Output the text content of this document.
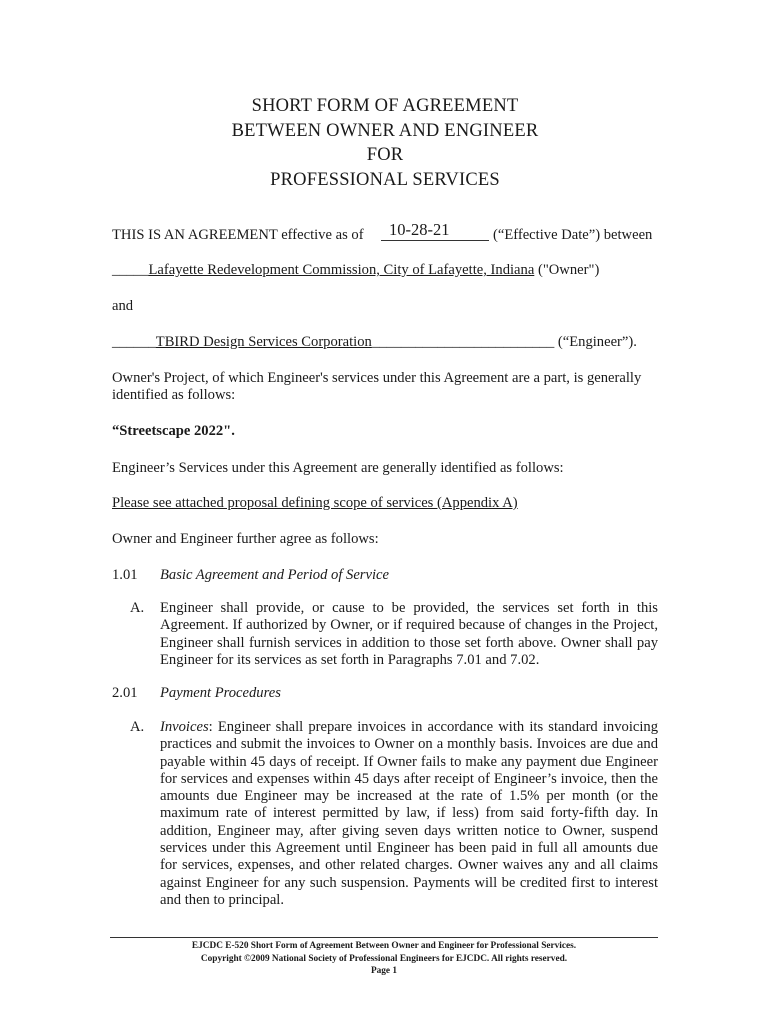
SHORT FORM OF AGREEMENT
BETWEEN OWNER AND ENGINEER
FOR
PROFESSIONAL SERVICES
THIS IS AN AGREEMENT effective as of	10-28-21	(“Effective Date”) between
_____Lafayette Redevelopment Commission, City of Lafayette, Indiana ("Owner")
and
______TBIRD Design Services Corporation_________________________ (“Engineer”).
Owner's Project, of which Engineer's services under this Agreement are a part, is generally
identified as follows:
“Streetscape 2022".
Engineer’s Services under this Agreement are generally identified as follows:
Please see attached proposal defining scope of services (Appendix A)
Owner and Engineer further agree as follows:
1.01 Basic Agreement and Period of Service
A. Engineer shall provide, or cause to be provided, the services set forth in this Agreement. If authorized by Owner, or if required because of changes in the Project, Engineer shall furnish services in addition to those set forth above. Owner shall pay Engineer for its services as set forth in Paragraphs 7.01 and 7.02.
2.01 Payment Procedures
A. Invoices: Engineer shall prepare invoices in accordance with its standard invoicing practices and submit the invoices to Owner on a monthly basis. Invoices are due and payable within 45 days of receipt. If Owner fails to make any payment due Engineer for services and expenses within 45 days after receipt of Engineer’s invoice, then the amounts due Engineer may be increased at the rate of 1.5% per month (or the maximum rate of interest permitted by law, if less) from said forty-fifth day. In addition, Engineer may, after giving seven days written notice to Owner, suspend services under this Agreement until Engineer has been paid in full all amounts due for services, expenses, and other related charges. Owner waives any and all claims against Engineer for any such suspension. Payments will be credited first to interest and then to principal.
EJCDC E-520 Short Form of Agreement Between Owner and Engineer for Professional Services.
Copyright ©2009 National Society of Professional Engineers for EJCDC. All rights reserved.
Page 1
